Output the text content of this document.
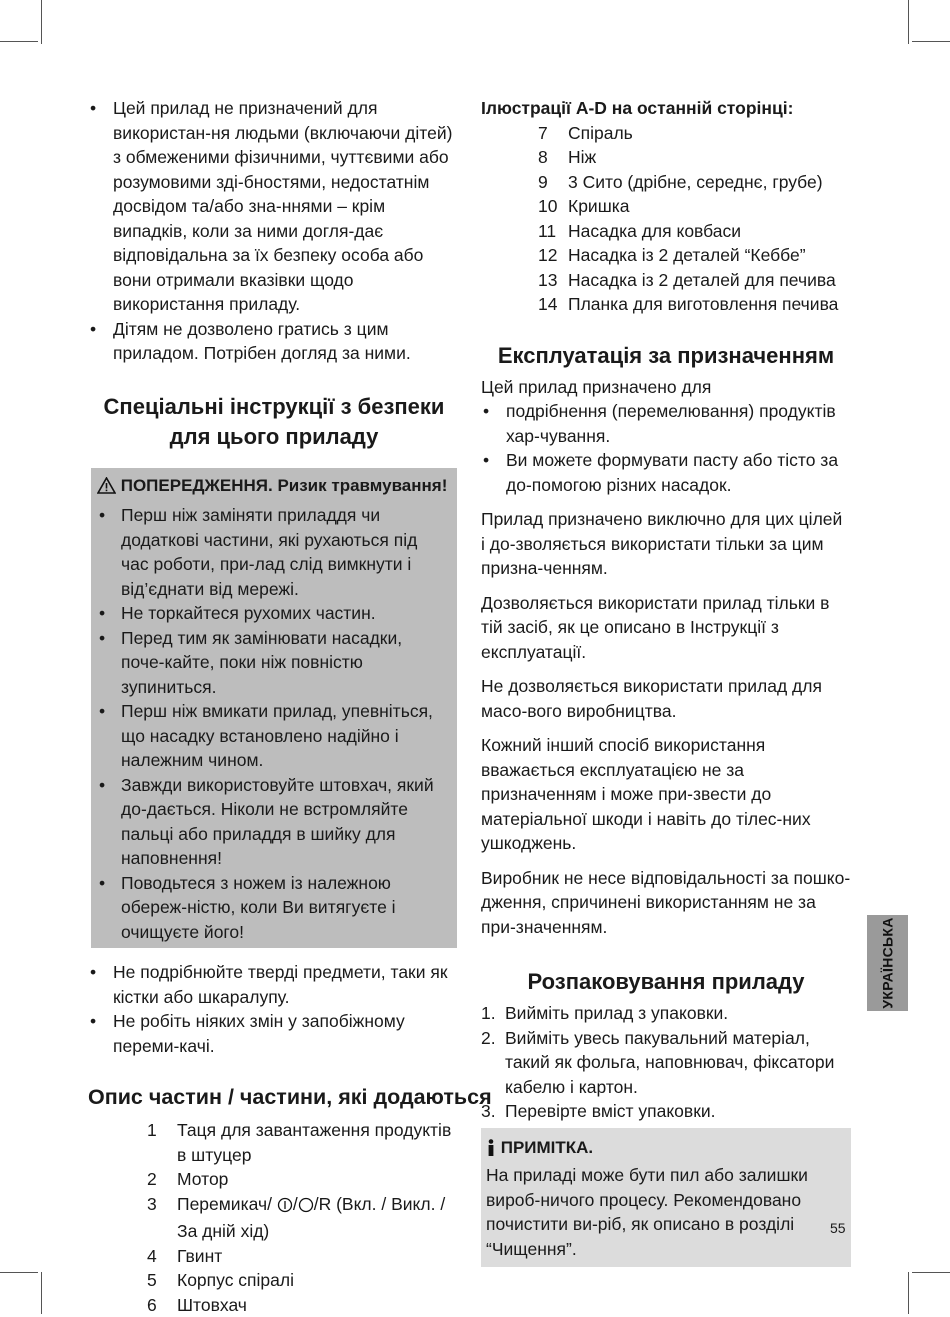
• Цей прилад не призначений для використан-ня людьми (включаючи дітей) з обмеженими фізичними, чуттєвими або розумовими зді-бностями, недостатнім досвідом та/або зна-ннями – крім випадків, коли за ними догля-дає відповідальна за їх безпеку особа або вони отримали вказівки щодо використання приладу.
• Дітям не дозволено гратись з цим приладом. Потрібен догляд за ними.
Спеціальні інструкції з безпеки для цього приладу
ПОПЕРЕДЖЕННЯ. Ризик травмування!
• Перш ніж заміняти приладдя чи додаткові частини, які рухаються під час роботи, при-лад слід вимкнути і від’єднати від мережі.
• Не торкайтеся рухомих частин.
• Перед тим як замінювати насадки, поче-кайте, поки ніж повністю зупиниться.
• Перш ніж вмикати прилад, упевніться, що насадку встановлено надійно і належним чином.
• Завжди використовуйте штовхач, який до-дається. Ніколи не встромляйте пальці або приладдя в шийку для наповнення!
• Поводьтеся з ножем із належною обереж-ністю, коли Ви витягуєте і очищуєте його!
• Не подрібнюйте тверді предмети, таки як кістки або шкаралупу.
• Не робіть ніяких змін у запобіжному переми-качі.
Опис частин / частини, які додаються
1	Таця для завантаження продуктів в штуцер
2	Мотор
3	Перемикач/ / /R (Вкл. / Викл. / За дній хід)
4	Гвинт
5	Корпус спіралі
6	Штовхач
Ілюстрації A-D на останній сторінці:
7	Спіраль
8	Ніж
9	3 Сито (дрібне, середнє, грубе)
10 Кришка
11 Насадка для ковбаси
12 Насадка із 2 деталей “Кеббе”
13 Насадка із 2 деталей для печива
14 Планка для виготовлення печива
Експлуатація за призначенням

Цей прилад призначено для

• подрібнення (перемелювання) продуктів хар-чування.
• Ви можете формувати пасту або тісто за до-помогою різних насадок.

Прилад призначено виключно для цих цілей і до-зволяється використати тільки за цим призна-ченням.

Дозволяється використати прилад тільки в тій засіб, як це описано в Інструкції з експлуатації.

Не дозволяється використати прилад для масо-вого виробництва.

Кожний інший спосіб використання вважається експлуатацією не за призначенням і може при-звести до матеріальної шкоди і навіть до тілес-них ушкоджень.

Виробник не несе відповідальності за пошко-дження, спричинені використанням не за при-значенням.

Розпаковування приладу
1. Вийміть прилад з упаковки.
2. Вийміть увесь пакувальний матеріал, такий як фольга, наповнювач, фіксатори кабелю і картон.
3. Перевірте вміст упаковки.
ПРИМІТКА.

На приладі може бути пил або залишки вироб-ничого процесу. Рекомендовано почистити ви-ріб, як описано в розділі “Чищення”.

УКРАЇНСЬКА
55
